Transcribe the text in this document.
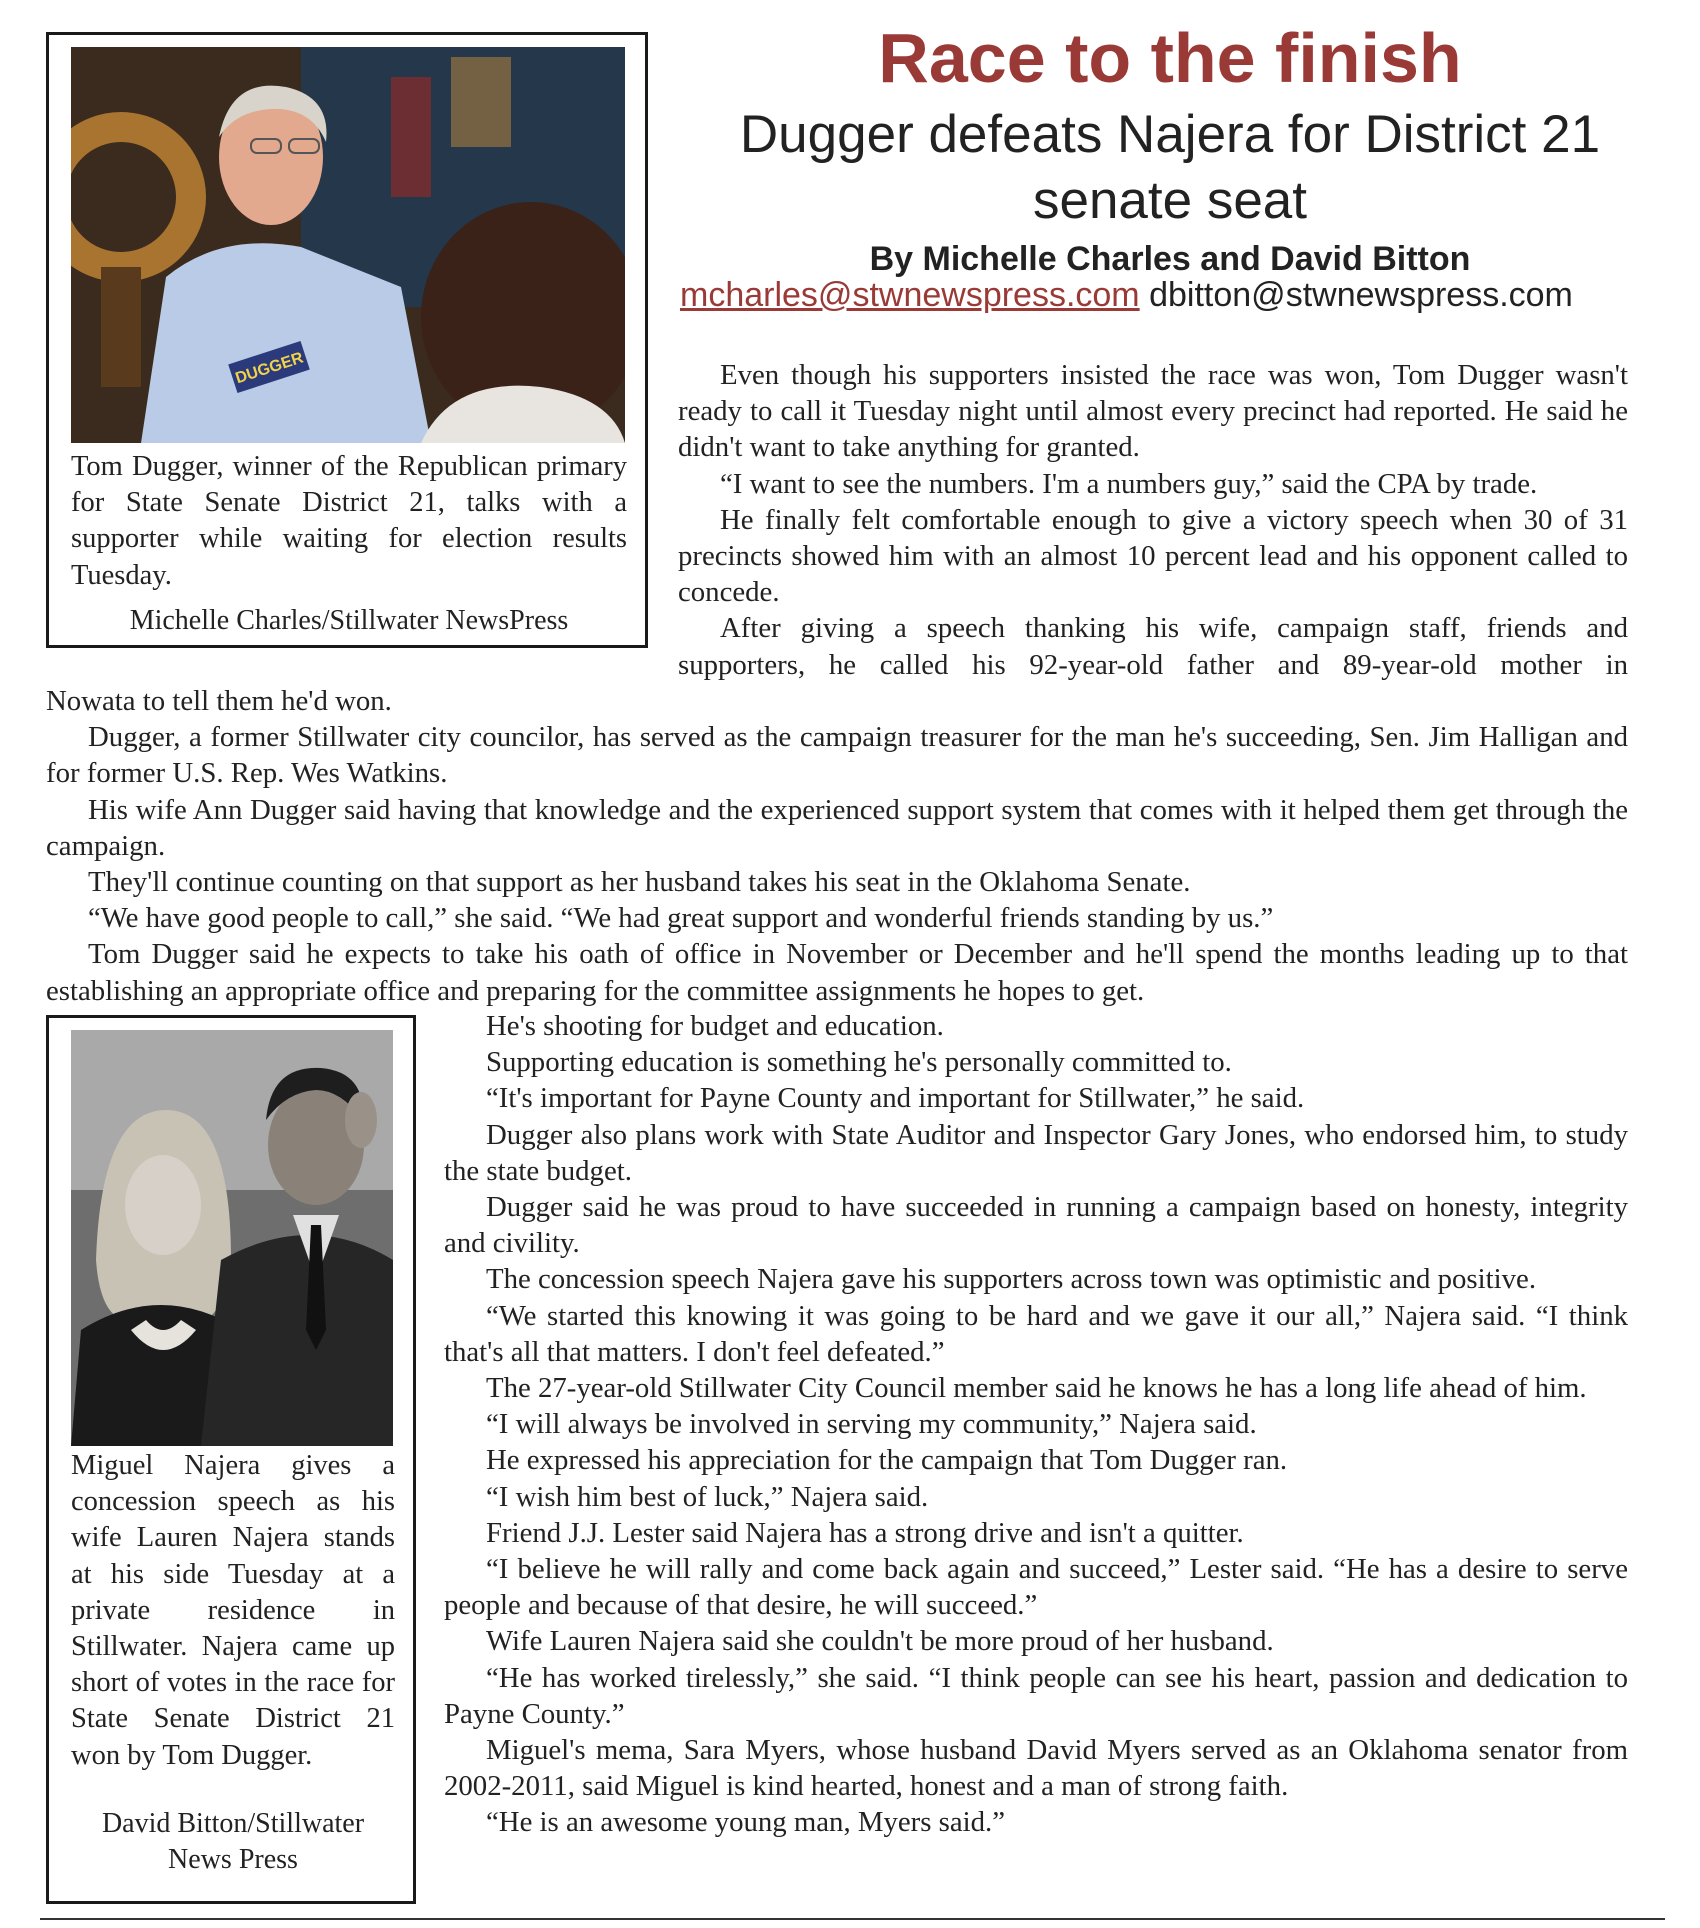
Race to the finish
Dugger defeats Najera for District 21 senate seat
By Michelle Charles and David Bitton
mcharles@stwnewspress.com dbitton@stwnewspress.com
DUGGER
Tom Dugger, winner of the Republican primary for State Senate District 21, talks with a supporter while waiting for election results Tuesday.
Michelle Charles/Stillwater NewsPress

Even though his supporters insisted the race was won, Tom Dugger wasn't ready to call it Tuesday night until almost every precinct had reported. He said he didn't want to take anything for granted.

“I want to see the numbers. I'm a numbers guy,” said the CPA by trade.

He finally felt comfortable enough to give a victory speech when 30 of 31 precincts showed him with an almost 10 percent lead and his opponent called to concede.

After giving a speech thanking his wife, campaign staff, friends and supporters, he called his 92-year-old father and 89-year-old mother in

Nowata to tell them he'd won.

Dugger, a former Stillwater city councilor, has served as the campaign treasurer for the man he's succeeding, Sen. Jim Halligan and for former U.S. Rep. Wes Watkins.

His wife Ann Dugger said having that knowledge and the experienced support system that comes with it helped them get through the campaign.

They'll continue counting on that support as her husband takes his seat in the Oklahoma Senate.

“We have good people to call,” she said. “We had great support and wonderful friends standing by us.”

Tom Dugger said he expects to take his oath of office in November or December and he'll spend the months leading up to that establishing an appropriate office and preparing for the committee assignments he hopes to get.

Miguel Najera gives a concession speech as his wife Lauren Najera stands at his side Tuesday at a private residence in Stillwater. Najera came up short of votes in the race for State Senate District 21 won by Tom Dugger.
David Bitton/Stillwater News Press

He's shooting for budget and education.

Supporting education is something he's personally committed to.

“It's important for Payne County and important for Stillwater,” he said.

Dugger also plans work with State Auditor and Inspector Gary Jones, who endorsed him, to study the state budget.

Dugger said he was proud to have succeeded in running a campaign based on honesty, integrity and civility.

The concession speech Najera gave his supporters across town was optimistic and positive.

“We started this knowing it was going to be hard and we gave it our all,” Najera said. “I think that's all that matters. I don't feel defeated.”

The 27-year-old Stillwater City Council member said he knows he has a long life ahead of him.

“I will always be involved in serving my community,” Najera said.

He expressed his appreciation for the campaign that Tom Dugger ran.

“I wish him best of luck,” Najera said.

Friend J.J. Lester said Najera has a strong drive and isn't a quitter.

“I believe he will rally and come back again and succeed,” Lester said. “He has a desire to serve people and because of that desire, he will succeed.”

Wife Lauren Najera said she couldn't be more proud of her husband.

“He has worked tirelessly,” she said. “I think people can see his heart, passion and dedication to Payne County.”

Miguel's mema, Sara Myers, whose husband David Myers served as an Oklahoma senator from 2002-2011, said Miguel is kind hearted, honest and a man of strong faith.

“He is an awesome young man, Myers said.”
